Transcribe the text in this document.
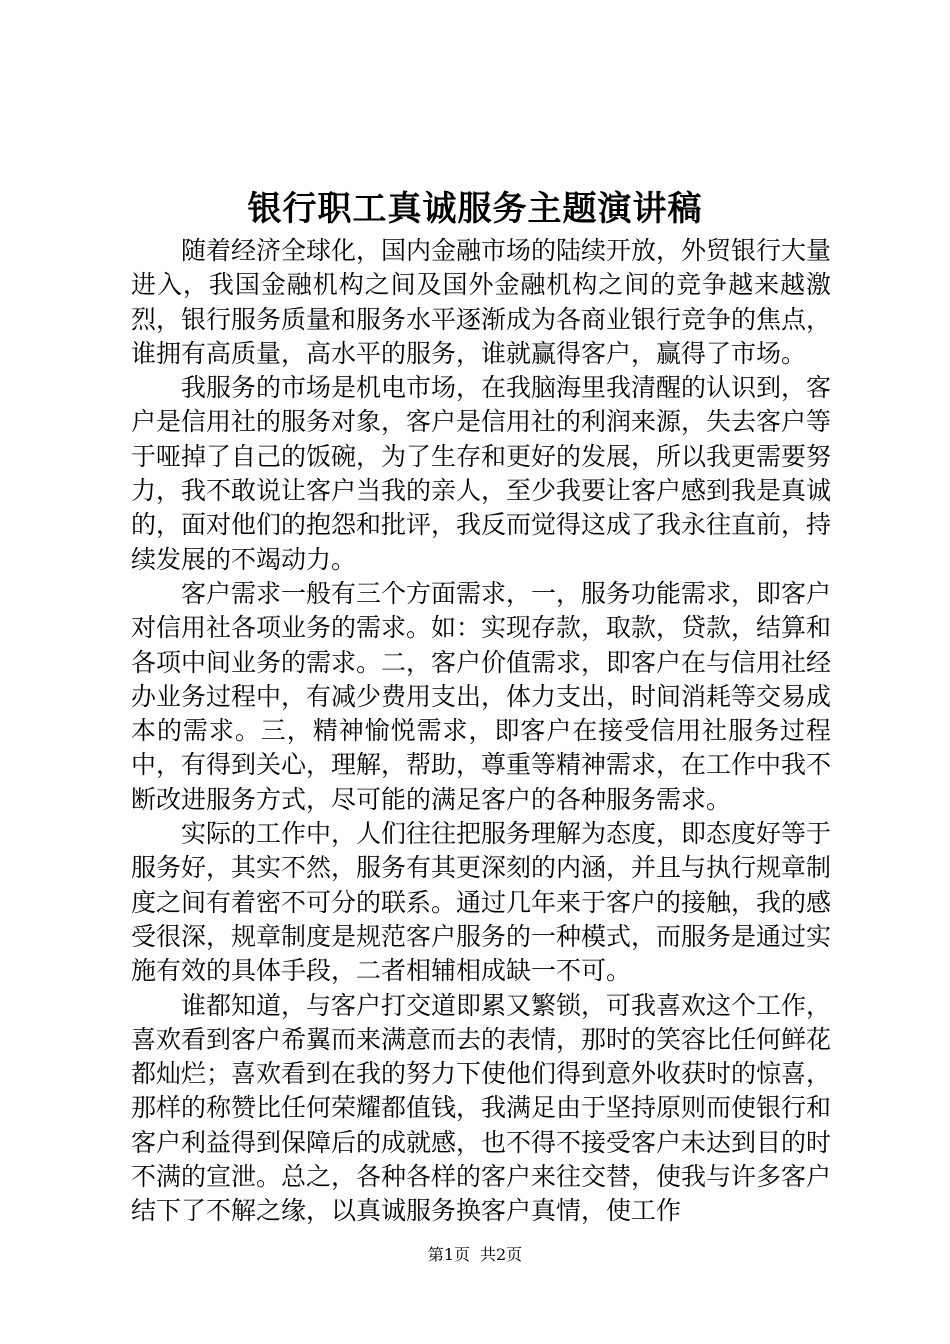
银行职工真诚服务主题演讲稿

随着经济全球化，国内金融市场的陆续开放，外贸银行大量进入，我国金融机构之间及国外金融机构之间的竞争越来越激烈，银行服务质量和服务水平逐渐成为各商业银行竞争的焦点，谁拥有高质量，高水平的服务，谁就赢得客户，赢得了市场。

我服务的市场是机电市场，在我脑海里我清醒的认识到，客户是信用社的服务对象，客户是信用社的利润来源，失去客户等于哑掉了自己的饭碗，为了生存和更好的发展，所以我更需要努力，我不敢说让客户当我的亲人，至少我要让客户感到我是真诚的，面对他们的抱怨和批评，我反而觉得这成了我永往直前，持续发展的不竭动力。

客户需求一般有三个方面需求，一，服务功能需求，即客户对信用社各项业务的需求。如：实现存款，取款，贷款，结算和各项中间业务的需求。二，客户价值需求，即客户在与信用社经办业务过程中，有减少费用支出，体力支出，时间消耗等交易成本的需求。三，精神愉悦需求，即客户在接受信用社服务过程中，有得到关心，理解，帮助，尊重等精神需求，在工作中我不断改进服务方式，尽可能的满足客户的各种服务需求。

实际的工作中，人们往往把服务理解为态度，即态度好等于服务好，其实不然，服务有其更深刻的内涵，并且与执行规章制度之间有着密不可分的联系。通过几年来于客户的接触，我的感受很深，规章制度是规范客户服务的一种模式，而服务是通过实施有效的具体手段，二者相辅相成缺一不可。

谁都知道，与客户打交道即累又繁锁，可我喜欢这个工作，喜欢看到客户希翼而来满意而去的表情，那时的笑容比任何鲜花都灿烂；喜欢看到在我的努力下使他们得到意外收获时的惊喜，那样的称赞比任何荣耀都值钱，我满足由于坚持原则而使银行和客户利益得到保障后的成就感，也不得不接受客户未达到目的时不满的宣泄。总之，各种各样的客户来往交替，使我与许多客户结下了不解之缘，以真诚服务换客户真情，使工作

第1页 共2页
